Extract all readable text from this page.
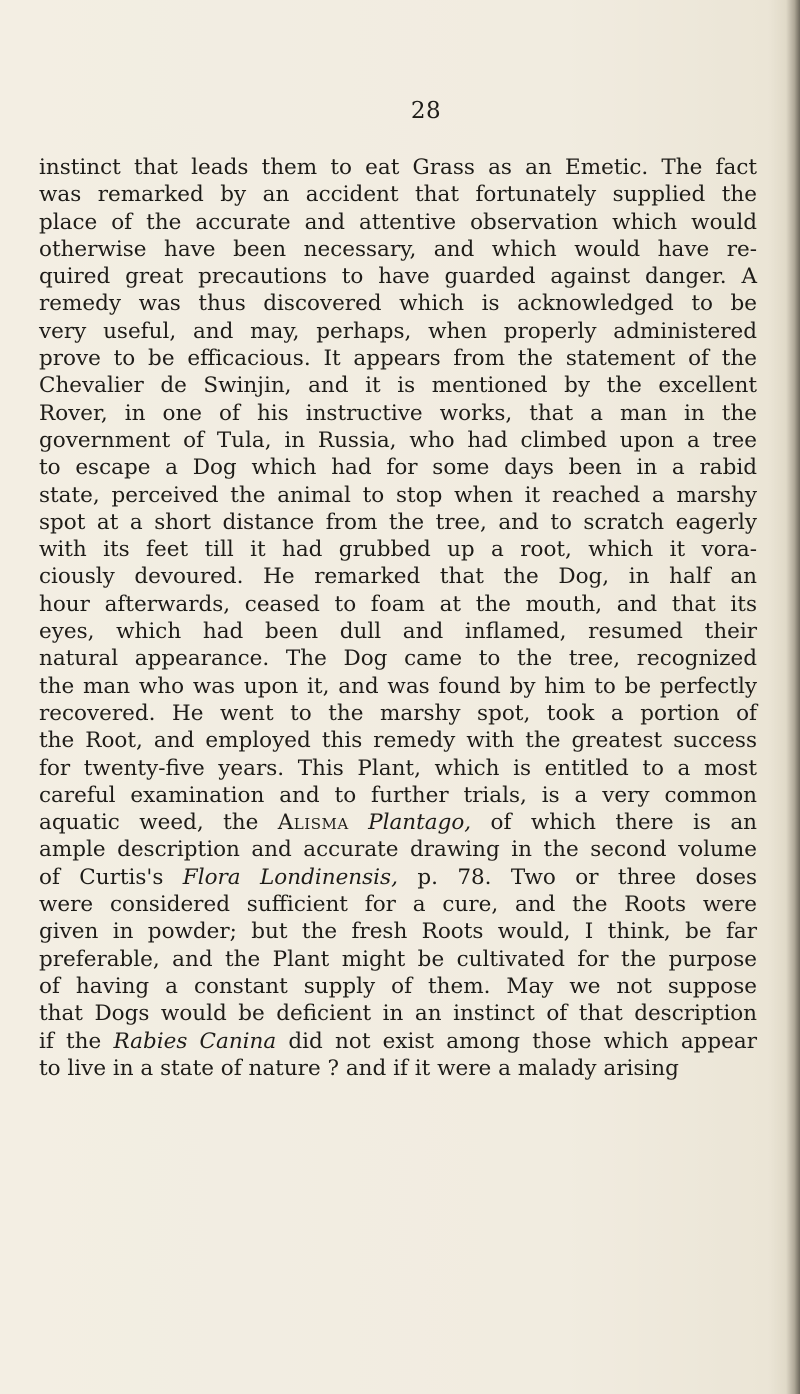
28
instinct that leads them to eat Grass as an Emetic. The fact
was remarked by an accident that fortunately supplied the
place of the accurate and attentive observation which would
otherwise have been necessary, and which would have re-
quired great precautions to have guarded against danger. A
remedy was thus discovered which is acknowledged to be
very useful, and may, perhaps, when properly administered
prove to be efficacious. It appears from the statement of the
Chevalier de Swinjin, and it is mentioned by the excellent
Rover, in one of his instructive works, that a man in the
government of Tula, in Russia, who had climbed upon a tree
to escape a Dog which had for some days been in a rabid
state, perceived the animal to stop when it reached a marshy
spot at a short distance from the tree, and to scratch eagerly
with its feet till it had grubbed up a root, which it vora-
ciously devoured. He remarked that the Dog, in half an
hour afterwards, ceased to foam at the mouth, and that its
eyes, which had been dull and inflamed, resumed their
natural appearance. The Dog came to the tree, recognized
the man who was upon it, and was found by him to be perfectly
recovered. He went to the marshy spot, took a portion of
the Root, and employed this remedy with the greatest success
for twenty-five years. This Plant, which is entitled to a most
careful examination and to further trials, is a very common
aquatic weed, the Alisma Plantago, of which there is an
ample description and accurate drawing in the second volume
of Curtis's Flora Londinensis, p. 78. Two or three doses
were considered sufficient for a cure, and the Roots were
given in powder; but the fresh Roots would, I think, be far
preferable, and the Plant might be cultivated for the purpose
of having a constant supply of them. May we not suppose
that Dogs would be deficient in an instinct of that description
if the Rabies Canina did not exist among those which appear
to live in a state of nature ? and if it were a malady arising
